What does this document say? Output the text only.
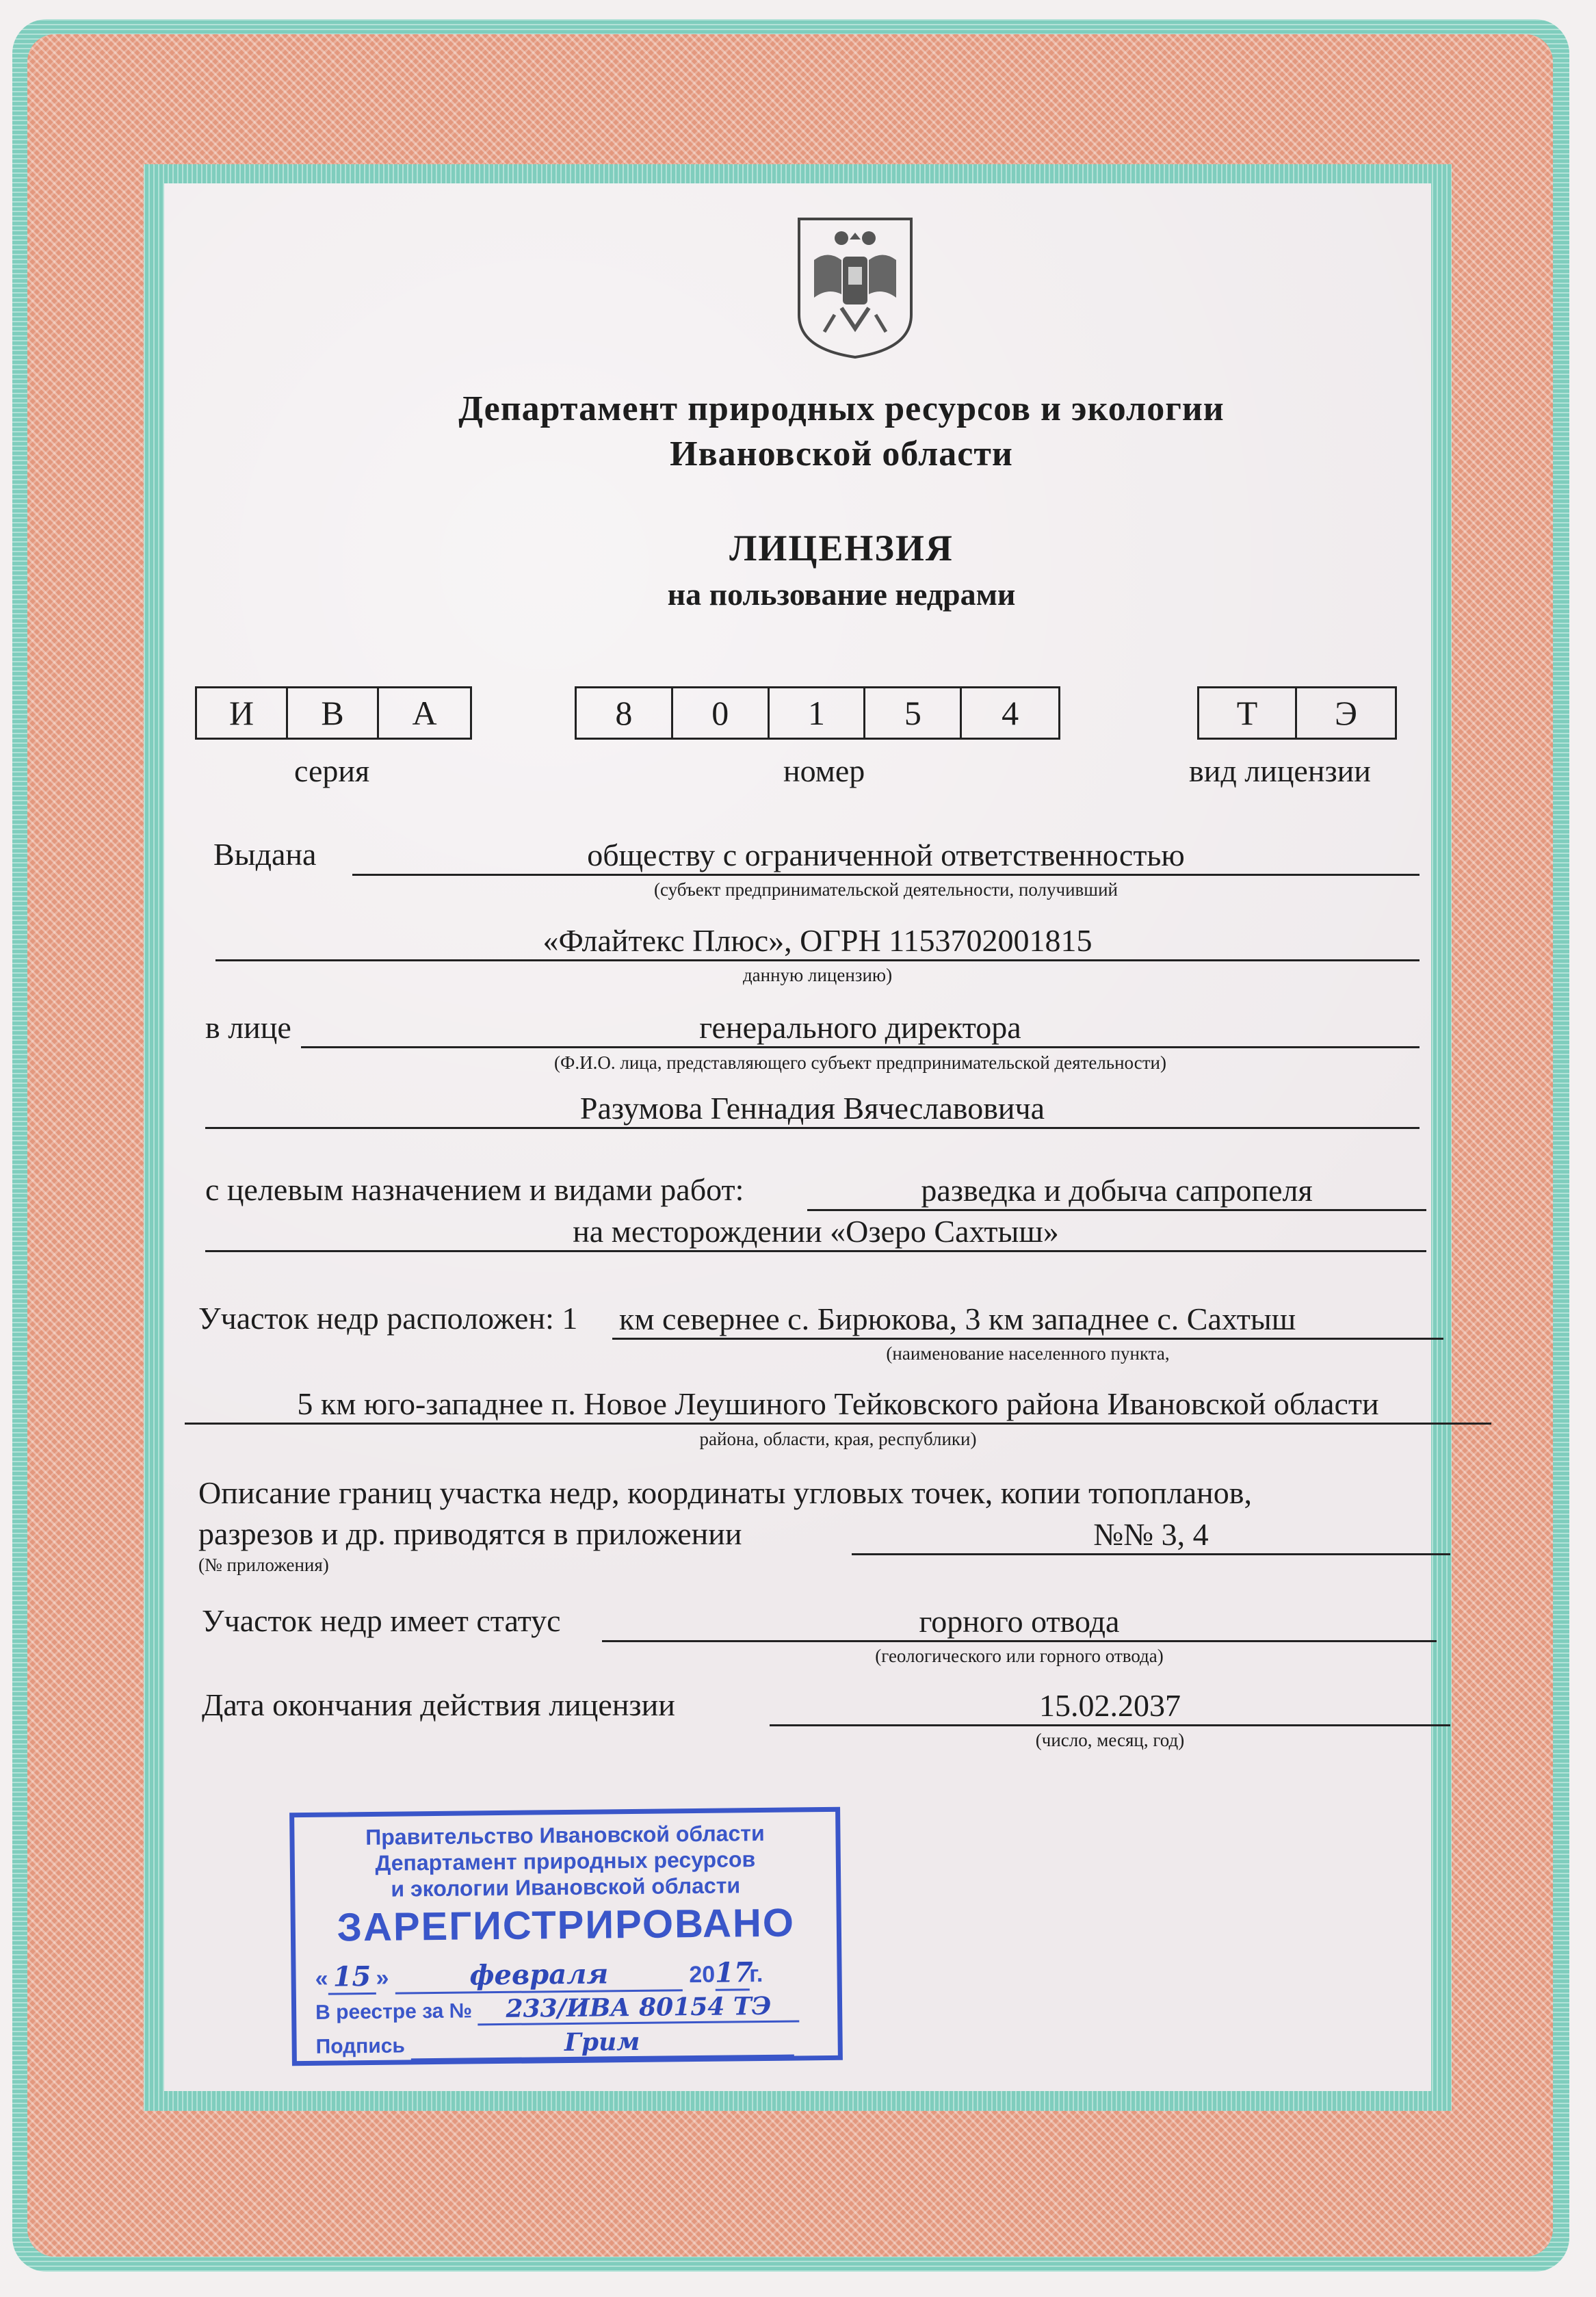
Департамент природных ресурсов и экологии
Ивановской области
ЛИЦЕНЗИЯ
на пользование недрами
И	В	А	8	0	1	5	4	Т	Э
серия	номер	вид лицензии
Выдана	обществу с ограниченной ответственностью
(субъект предпринимательской деятельности, получивший
«Флайтекс Плюс», ОГРН 1153702001815
данную лицензию)
в лице	генерального директора
(Ф.И.О. лица, представляющего субъект предпринимательской деятельности)
Разумова Геннадия Вячеславовича
с целевым назначением и видами работ:	разведка и добыча сапропеля
на месторождении «Озеро Сахтыш»
Участок недр расположен: 1 км севернее с. Бирюкова, 3 км западнее с. Сахтыш
(наименование населенного пункта,
5 км юго-западнее п. Новое Леушиного Тейковского района Ивановской области
района, области, края, республики)
Описание границ участка недр, координаты угловых точек, копии топопланов,
разрезов и др. приводятся в приложении	№№ 3, 4
(№ приложения)
Участок недр имеет статус	горного отвода
(геологического или горного отвода)
Дата окончания действия лицензии	15.02.2037
(число, месяц, год)
Правительство Ивановской области
Департамент природных ресурсов
и экологии Ивановской области
ЗАРЕГИСТРИРОВАНО
« 15 »	февраля	2017г.
В реестре за № 233/ИВА 80154 ТЭ
Подпись	Грим
